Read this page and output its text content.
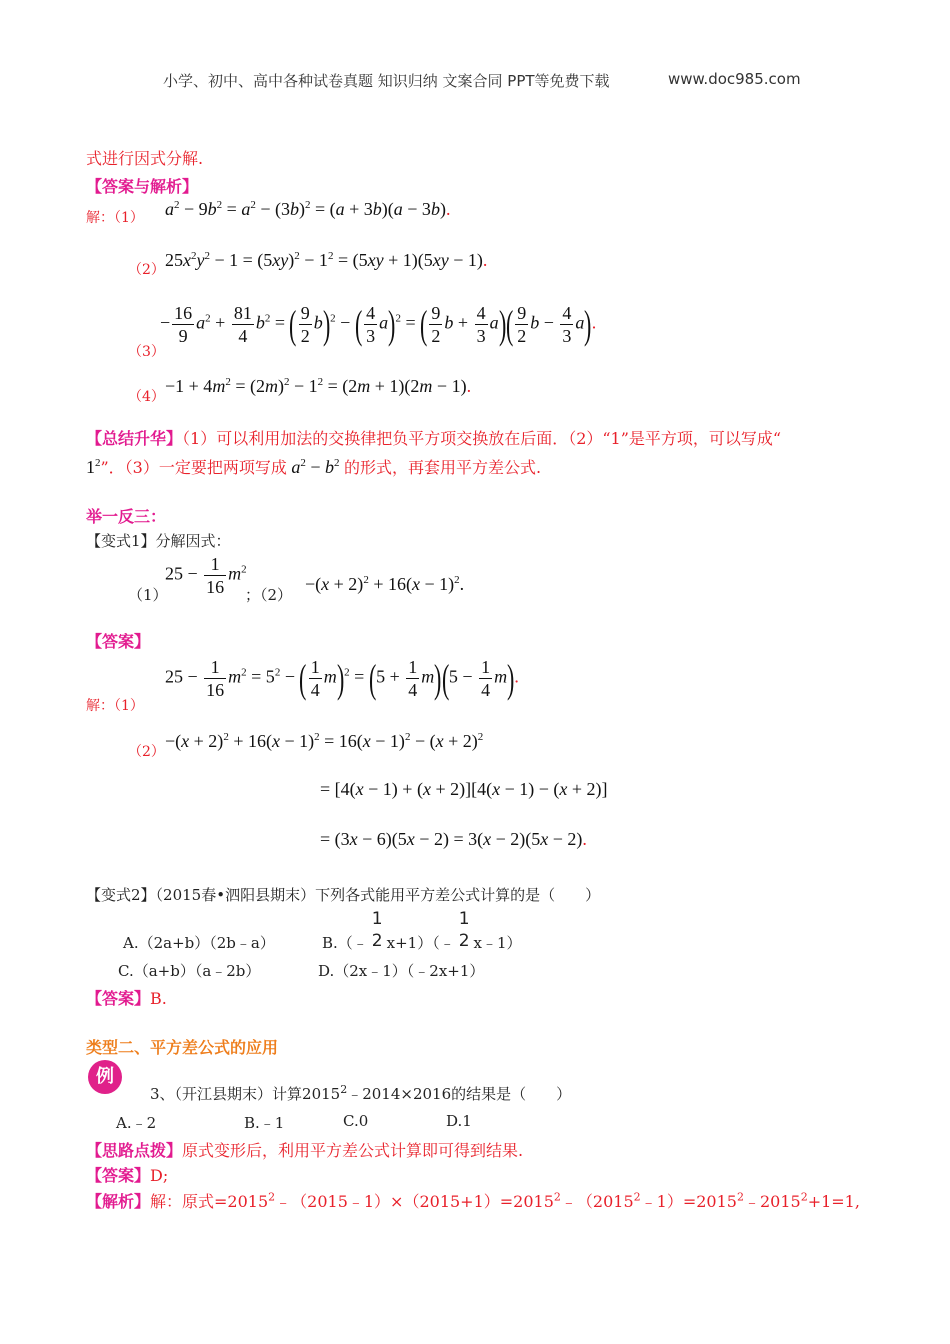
小学、初中、高中各种试卷真题 知识归纳 文案合同 PPT等免费下载	www.doc985.com
式进行因式分解.
【答案与解析】
解：（1） $a^2 - 9b^2 = a^2 - (3b)^2 = (a + 3b)(a - 3b)$.
（2） $25x^2y^2 - 1 = (5xy)^2 - 1^2 = (5xy + 1)(5xy - 1)$.
（3）
− $\frac{16}{9} a^2 + \frac{81}{4} b^2$ = ( $\frac{9}{2} b)^2$ − ( $\frac{4}{3} a)^2$ = ( $\frac{9}{2}$ $b + \frac{4}{3} a)( \frac{9}{2}$ $b - \frac{4}{3} a$).
（4）
$-1 + 4m^2 = (2m)^2 - 1^2 = (2m + 1)(2m - 1)$.
【总结升华】（1）可以利用加法的交换律把负平方项交换放在后面．（2）“1”是平方项，可以写成“
$1^2$”．（3）一定要把两项写成 $a^2 - b^2$ 的形式，再套用平方差公式.
举一反三：
【变式1】分解因式：
（1）
$25 - \frac{1}{16} m^2$
；（2）
$-(x + 2)^2 + 16(x - 1)^2$.
【答案】
解：（1）
$25 - \frac{1}{16} m^2 = 5^2$ − ( $\frac{1}{4} m)^2 = (5 + \frac{1}{4} m)(5 - \frac{1}{4} m)$.
（2）
$-(x + 2)^2 + 16(x - 1)^2 = 16(x - 1)^2 - (x + 2)^2$
= [4(x − 1) + (x + 2)][4(x − 1) − (x + 2)]
= (3x − 6)(5x − 2) = 3(x − 2)(5x − 2).
【变式2】（2015春•泗阳县期末）下列各式能用平方差公式计算的是（　　）
A.（2a+b）（2b﹣a）	B.（﹣
1
2 x+1）（﹣
1
2 x﹣1）
C.（a+b）（a﹣2b）	D.（2x﹣1）（﹣2x+1）
【答案】B.
类型二、平方差公式的应用
例
3、（开江县期末）计算$2015^2﹣2014\times 2016$的结果是（　　）
A.﹣2	B.﹣1	C.0	D.1
【思路点拨】原式变形后，利用平方差公式计算即可得到结果.
【答案】D;
【解析】解：原式$=2015^2﹣(2015﹣1)\times(2015+1)=2015^2﹣(2015^2﹣1)=2015^2﹣2015^2+1=1$,
